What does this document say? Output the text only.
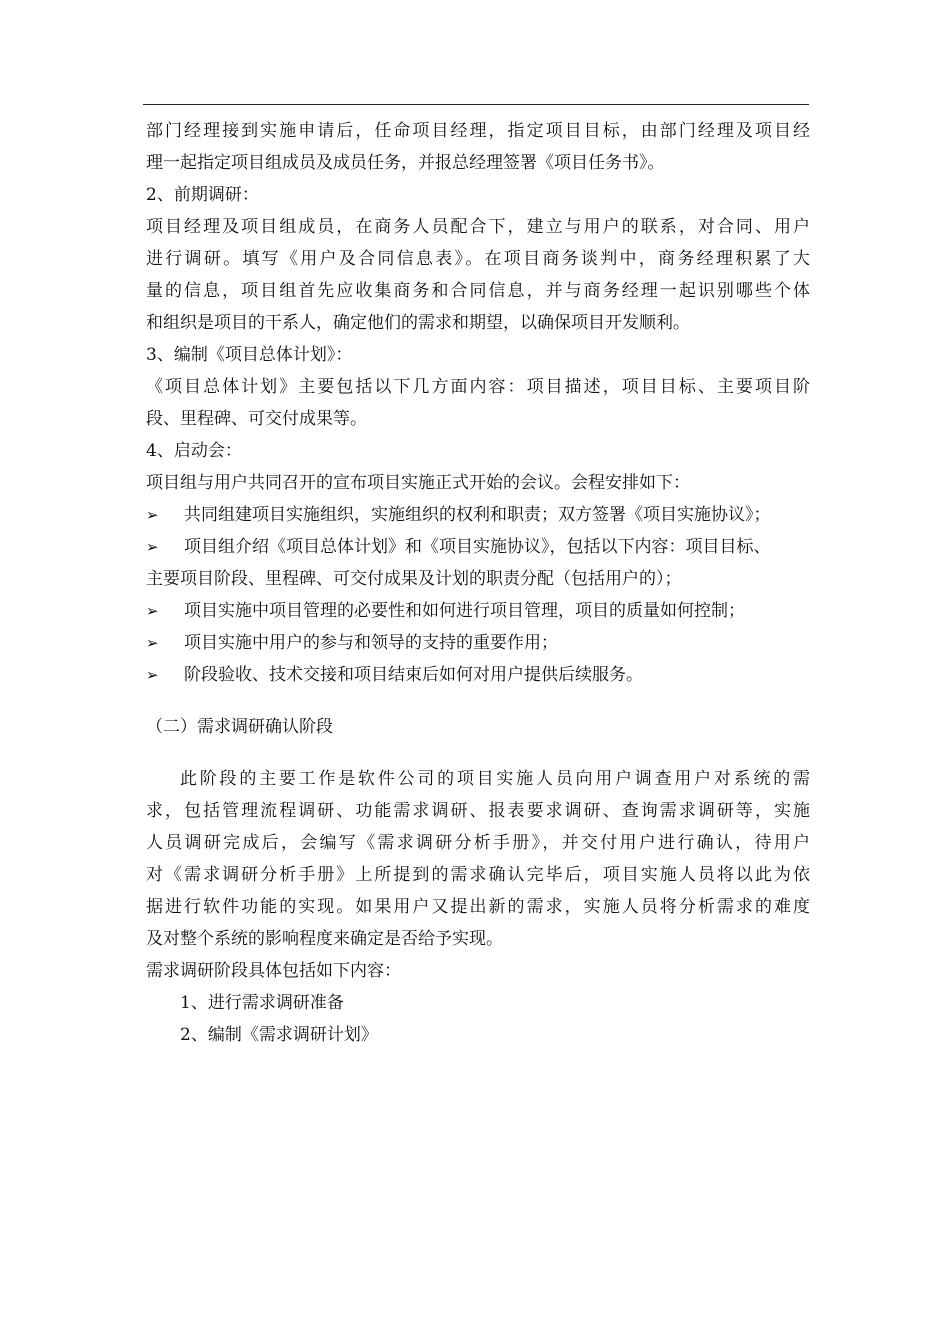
部门经理接到实施申请后，任命项目经理，指定项目目标，由部门经理及项目经
理一起指定项目组成员及成员任务，并报总经理签署《项目任务书》。
2、前期调研：
项目经理及项目组成员，在商务人员配合下，建立与用户的联系，对合同、用户
进行调研。填写《用户及合同信息表》。在项目商务谈判中，商务经理积累了大
量的信息，项目组首先应收集商务和合同信息，并与商务经理一起识别哪些个体
和组织是项目的干系人，确定他们的需求和期望，以确保项目开发顺利。
3、编制《项目总体计划》：
《项目总体计划》主要包括以下几方面内容：项目描述，项目目标、主要项目阶
段、里程碑、可交付成果等。
4、启动会：
项目组与用户共同召开的宣布项目实施正式开始的会议。会程安排如下：
➢ 共同组建项目实施组织，实施组织的权利和职责；双方签署《项目实施协议》；
➢ 项目组介绍《项目总体计划》和《项目实施协议》，包括以下内容：项目目标、
主要项目阶段、里程碑、可交付成果及计划的职责分配（包括用户的）；
➢ 项目实施中项目管理的必要性和如何进行项目管理，项目的质量如何控制；
➢ 项目实施中用户的参与和领导的支持的重要作用；
➢ 阶段验收、技术交接和项目结束后如何对用户提供后续服务。
（二）需求调研确认阶段
此阶段的主要工作是软件公司的项目实施人员向用户调查用户对系统的需
求，包括管理流程调研、功能需求调研、报表要求调研、查询需求调研等，实施
人员调研完成后，会编写《需求调研分析手册》，并交付用户进行确认，待用户
对《需求调研分析手册》上所提到的需求确认完毕后，项目实施人员将以此为依
据进行软件功能的实现。如果用户又提出新的需求，实施人员将分析需求的难度
及对整个系统的影响程度来确定是否给予实现。
需求调研阶段具体包括如下内容：
1、进行需求调研准备
2、编制《需求调研计划》
